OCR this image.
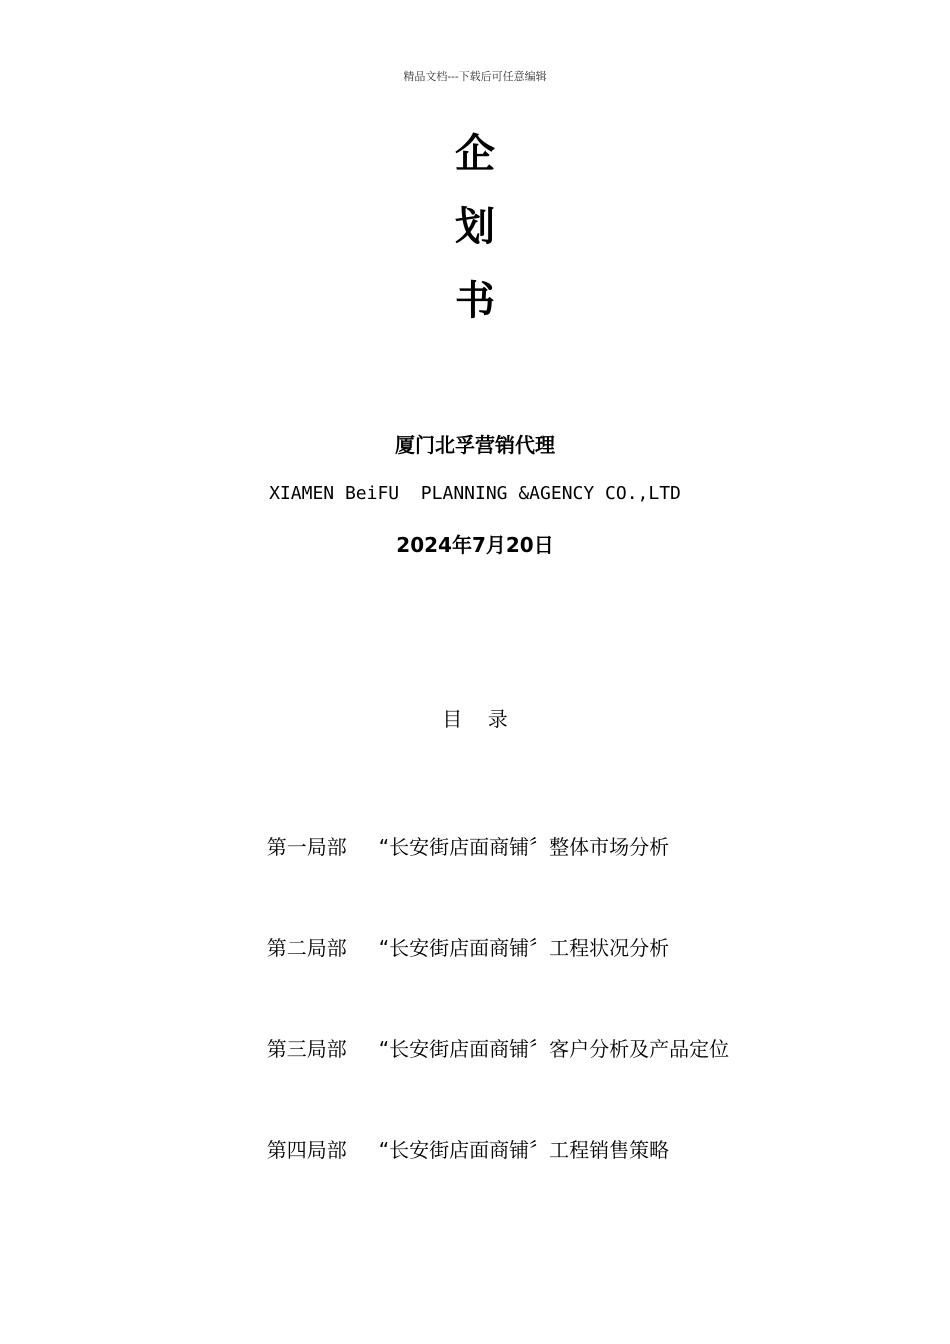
精品文档---下载后可任意编辑
企
划
书
厦门北孚营销代理
XIAMEN BeiFU  PLANNING &AGENCY CO.,LTD
2024年7月20日
目    录

第一局部 “长安街店面商铺〞整体市场分析

第二局部 “长安街店面商铺〞工程状况分析

第三局部 “长安街店面商铺〞客户分析及产品定位

第四局部 “长安街店面商铺〞工程销售策略
